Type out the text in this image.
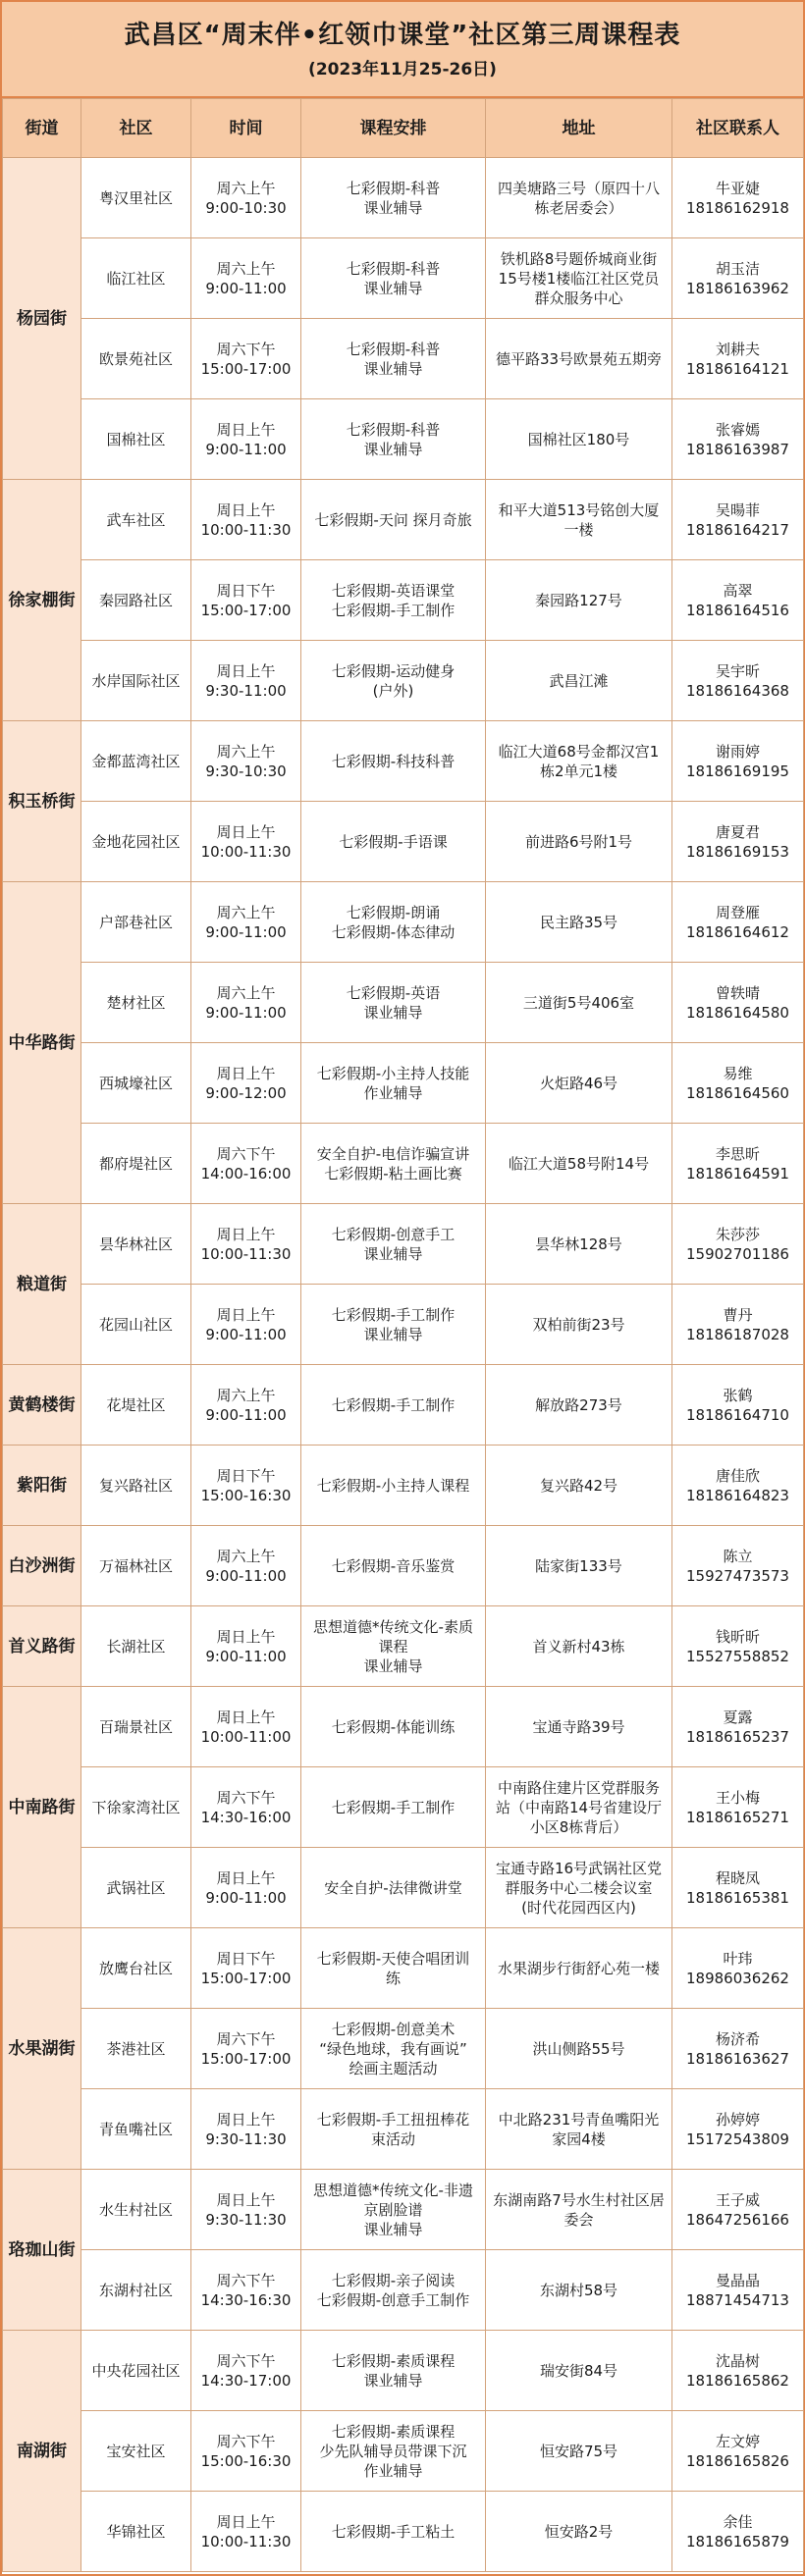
武昌区“周末伴•红领巾课堂”社区第三周课程表
(2023年11月25-26日)
街道	社区	时间	课程安排	地址	社区联系人
杨园街	粤汉里社区	周六上午
9:00-10:30	七彩假期-科普
课业辅导	四美塘路三号（原四十八
栋老居委会）	牛亚婕
18186162918
	临江社区	周六上午
9:00-11:00	七彩假期-科普
课业辅导	铁机路8号题侨城商业街
15号楼1楼临江社区党员
群众服务中心	胡玉洁
18186163962
	欧景苑社区	周六下午
15:00-17:00	七彩假期-科普
课业辅导	德平路33号欧景苑五期旁	刘耕夫
18186164121
	国棉社区	周日上午
9:00-11:00	七彩假期-科普
课业辅导	国棉社区180号	张睿嫣
18186163987
徐家棚街	武车社区	周日上午
10:00-11:30	七彩假期-天问 探月奇旅	和平大道513号铭创大厦
一楼	吴暘菲
18186164217
	秦园路社区	周日下午
15:00-17:00	七彩假期-英语课堂
七彩假期-手工制作	秦园路127号	高翠
18186164516
	水岸国际社区	周日上午
9:30-11:00	七彩假期-运动健身
(户外)	武昌江滩	吴宇昕
18186164368
积玉桥街	金都蓝湾社区	周六上午
9:30-10:30	七彩假期-科技科普	临江大道68号金都汉宫1
栋2单元1楼	谢雨婷
18186169195
	金地花园社区	周日上午
10:00-11:30	七彩假期-手语课	前进路6号附1号	唐夏君
18186169153
中华路街	户部巷社区	周六上午
9:00-11:00	七彩假期-朗诵
七彩假期-体态律动	民主路35号	周登雁
18186164612
	楚材社区	周六上午
9:00-11:00	七彩假期-英语
课业辅导	三道街5号406室	曾轶晴
18186164580
	西城壕社区	周日上午
9:00-12:00	七彩假期-小主持人技能
作业辅导	火炬路46号	易维
18186164560
	都府堤社区	周六下午
14:00-16:00	安全自护-电信诈骗宣讲
七彩假期-粘土画比赛	临江大道58号附14号	李思昕
18186164591
粮道街	昙华林社区	周日上午
10:00-11:30	七彩假期-创意手工
课业辅导	昙华林128号	朱莎莎
15902701186
	花园山社区	周日上午
9:00-11:00	七彩假期-手工制作
课业辅导	双柏前街23号	曹丹
18186187028
黄鹤楼街	花堤社区	周六上午
9:00-11:00	七彩假期-手工制作	解放路273号	张鹤
18186164710
紫阳街	复兴路社区	周日下午
15:00-16:30	七彩假期-小主持人课程	复兴路42号	唐佳欣
18186164823
白沙洲街	万福林社区	周六上午
9:00-11:00	七彩假期-音乐鉴赏	陆家街133号	陈立
15927473573
首义路街	长湖社区	周日上午
9:00-11:00	思想道德*传统文化-素质
课程
课业辅导	首义新村43栋	钱昕昕
15527558852
中南路街	百瑞景社区	周日上午
10:00-11:00	七彩假期-体能训练	宝通寺路39号	夏露
18186165237
	下徐家湾社区	周六下午
14:30-16:00	七彩假期-手工制作	中南路住建片区党群服务
站（中南路14号省建设厅
小区8栋背后）	王小梅
18186165271
	武锅社区	周日上午
9:00-11:00	安全自护-法律微讲堂	宝通寺路16号武锅社区党
群服务中心二楼会议室
(时代花园西区内)	程晓凤
18186165381
水果湖街	放鹰台社区	周日下午
15:00-17:00	七彩假期-天使合唱团训
练	水果湖步行街舒心苑一楼	叶玮
18986036262
	茶港社区	周六下午
15:00-17:00	七彩假期-创意美术
“绿色地球，我有画说”
绘画主题活动	洪山侧路55号	杨济希
18186163627
	青鱼嘴社区	周日上午
9:30-11:30	七彩假期-手工扭扭棒花
束活动	中北路231号青鱼嘴阳光
家园4楼	孙婷婷
15172543809
珞珈山街	水生村社区	周日上午
9:30-11:30	思想道德*传统文化-非遗
京剧脸谱
课业辅导	东湖南路7号水生村社区居
委会	王子威
18647256166
	东湖村社区	周六下午
14:30-16:30	七彩假期-亲子阅读
七彩假期-创意手工制作	东湖村58号	曼晶晶
18871454713
南湖街	中央花园社区	周六下午
14:30-17:00	七彩假期-素质课程
课业辅导	瑞安街84号	沈晶树
18186165862
	宝安社区	周六下午
15:00-16:30	七彩假期-素质课程
少先队辅导员带课下沉
作业辅导	恒安路75号	左文婷
18186165826
	华锦社区	周日上午
10:00-11:30	七彩假期-手工粘土	恒安路2号	余佳
18186165879
